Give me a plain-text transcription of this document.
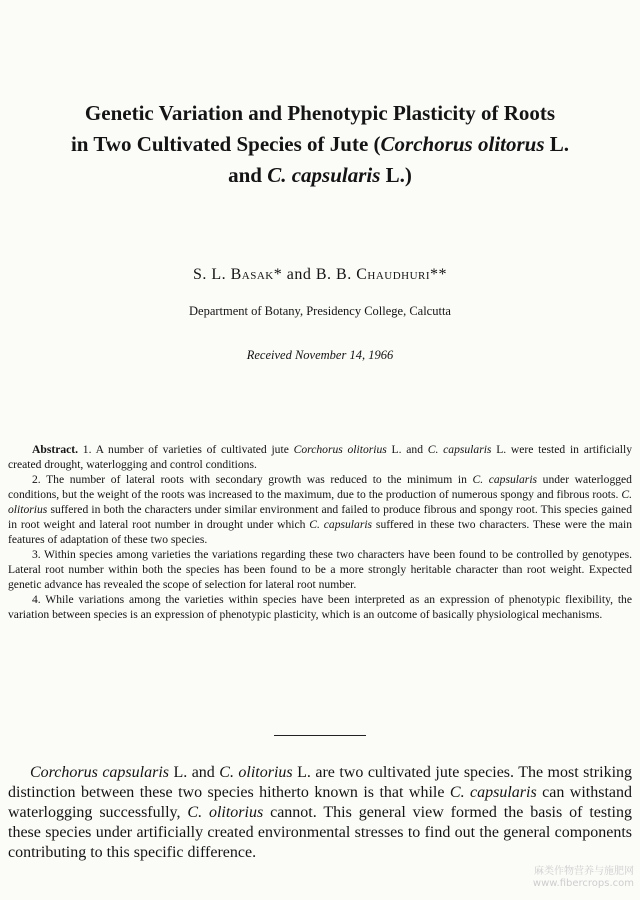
Genetic Variation and Phenotypic Plasticity of Roots
in Two Cultivated Species of Jute (Corchorus olitorus L.
and C. capsularis L.)
S. L. Basak* and B. B. Chaudhuri**
Department of Botany, Presidency College, Calcutta
Received November 14, 1966

Abstract. 1. A number of varieties of cultivated jute Corchorus olitorius L. and C. capsularis L. were tested in artificially created drought, waterlogging and control conditions.

2. The number of lateral roots with secondary growth was reduced to the minimum in C. capsularis under waterlogged conditions, but the weight of the roots was increased to the maximum, due to the production of numerous spongy and fibrous roots. C. olitorius suffered in both the characters under similar environment and failed to produce fibrous and spongy root. This species gained in root weight and lateral root number in drought under which C. capsularis suffered in these two characters. These were the main features of adaptation of these two species.

3. Within species among varieties the variations regarding these two characters have been found to be controlled by genotypes. Lateral root number within both the species has been found to be a more strongly heritable character than root weight. Expected genetic advance has revealed the scope of selection for lateral root number.

4. While variations among the varieties within species have been interpreted as an expression of phenotypic flexibility, the variation between species is an expression of phenotypic plasticity, which is an outcome of basically physiological mechanisms.

Corchorus capsularis L. and C. olitorius L. are two cultivated jute species. The most striking distinction between these two species hitherto known is that while C. capsularis can withstand waterlogging successfully, C. olitorius cannot. This general view formed the basis of testing these species under artificially created environmental stresses to find out the general components contributing to this specific difference.

麻类作物营养与施肥网
www.fibercrops.com
